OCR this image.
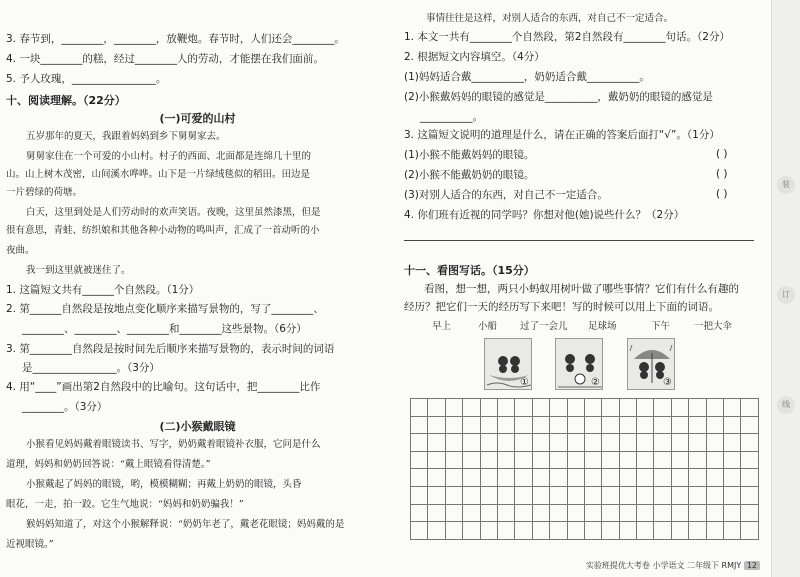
3. 春节到，________，________，放鞭炮。春节时，人们还会________。
4. 一块________的糕，经过________人的劳动，才能摆在我们面前。
5. 予人玫瑰，________________。
十、阅读理解。（22分）
(一)可爱的山村
五岁那年的夏天，我跟着妈妈到乡下舅舅家去。
舅舅家住在一个可爱的小山村。村子的西面、北面都是连绵几十里的
山。山上树木茂密，山间溪水哗哗。山下是一片绿绒毯似的稻田。田边是
一片碧绿的荷塘。
白天，这里到处是人们劳动时的欢声笑语。夜晚，这里虽然漆黑，但是
很有意思，青蛙、纺织娘和其他各种小动物的鸣叫声，汇成了一首动听的小
夜曲。
我一到这里就被迷住了。
1. 这篇短文共有______个自然段。（1分）
2. 第______自然段是按地点变化顺序来描写景物的，写了________、
________、________、________和________这些景物。（6分）
3. 第________自然段是按时间先后顺序来描写景物的，表示时间的词语
是________________。（3分）
4. 用“____”画出第2自然段中的比喻句。这句话中，把________比作
________。（3分）
(二)小猴戴眼镜
小猴看见妈妈戴着眼镜读书、写字，奶奶戴着眼镜补衣服，它问是什么
道理，妈妈和奶奶回答说：“戴上眼镜看得清楚。”
小猴戴起了妈妈的眼镜，哟，模模糊糊；再戴上奶奶的眼镜，头昏
眼花，一走，拍一跤。它生气地说：“妈妈和奶奶骗我！”
猴妈妈知道了，对这个小猴解释说：“奶奶年老了，戴老花眼镜；妈妈戴的是
近视眼镜。”
事情往往是这样，对别人适合的东西，对自己不一定适合。
1. 本文一共有________个自然段，第2自然段有________句话。（2分）
2. 根据短文内容填空。（4分）
(1)妈妈适合戴__________，奶奶适合戴__________。
(2)小猴戴妈妈的眼镜的感觉是__________，戴奶奶的眼镜的感觉是
__________。
3. 这篇短文说明的道理是什么，请在正确的答案后面打“√”。（1分）
(1)小猴不能戴妈妈的眼镜。	( )
(2)小猴不能戴奶奶的眼镜。	( )
(3)对别人适合的东西，对自己不一定适合。	( )
4. 你们班有近视的同学吗？你想对他(她)说些什么？（2分）
十一、看图写话。（15分）
看图，想一想，两只小蚂蚁用树叶做了哪些事情？它们有什么有趣的
经历？把它们一天的经历写下来吧！写的时候可以用上下面的词语。
早上	小船 过了一会儿 足球场	下午	一把大伞
①	②	③

装
订
线
实验班提优大考卷 小学语文 二年级下 RMJY 12
